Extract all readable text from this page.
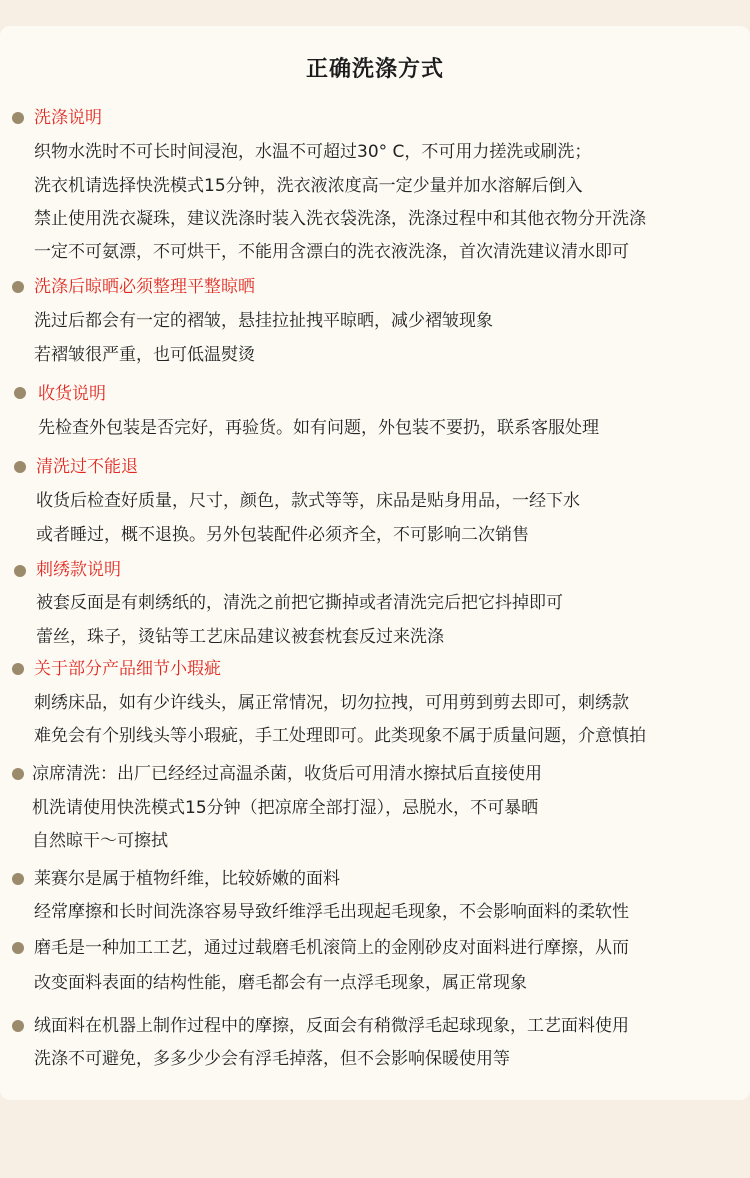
正确洗涤方式
洗涤说明
织物水洗时不可长时间浸泡，水温不可超过30° C，不可用力搓洗或刷洗；
洗衣机请选择快洗模式15分钟，洗衣液浓度高一定少量并加水溶解后倒入
禁止使用洗衣凝珠，建议洗涤时装入洗衣袋洗涤，洗涤过程中和其他衣物分开洗涤
一定不可氨漂，不可烘干，不能用含漂白的洗衣液洗涤，首次清洗建议清水即可
洗涤后晾晒必须整理平整晾晒
洗过后都会有一定的褶皱，悬挂拉扯拽平晾晒，减少褶皱现象
若褶皱很严重，也可低温熨烫
收货说明
先检查外包装是否完好，再验货。如有问题，外包装不要扔，联系客服处理
清洗过不能退
收货后检查好质量，尺寸，颜色，款式等等，床品是贴身用品，一经下水
或者睡过，概不退换。另外包装配件必须齐全，不可影响二次销售
刺绣款说明
被套反面是有刺绣纸的，清洗之前把它撕掉或者清洗完后把它抖掉即可
蕾丝，珠子，烫钻等工艺床品建议被套枕套反过来洗涤
关于部分产品细节小瑕疵
刺绣床品，如有少许线头，属正常情况，切勿拉拽，可用剪到剪去即可，刺绣款
难免会有个别线头等小瑕疵，手工处理即可。此类现象不属于质量问题，介意慎拍
凉席清洗：出厂已经经过高温杀菌，收货后可用清水擦拭后直接使用
机洗请使用快洗模式15分钟（把凉席全部打湿），忌脱水，不可暴晒
自然晾干～可擦拭
莱赛尔是属于植物纤维，比较娇嫩的面料
经常摩擦和长时间洗涤容易导致纤维浮毛出现起毛现象，不会影响面料的柔软性
磨毛是一种加工工艺，通过过载磨毛机滚筒上的金刚砂皮对面料进行摩擦，从而
改变面料表面的结构性能，磨毛都会有一点浮毛现象，属正常现象
绒面料在机器上制作过程中的摩擦，反面会有稍微浮毛起球现象，工艺面料使用
洗涤不可避免，多多少少会有浮毛掉落，但不会影响保暖使用等
